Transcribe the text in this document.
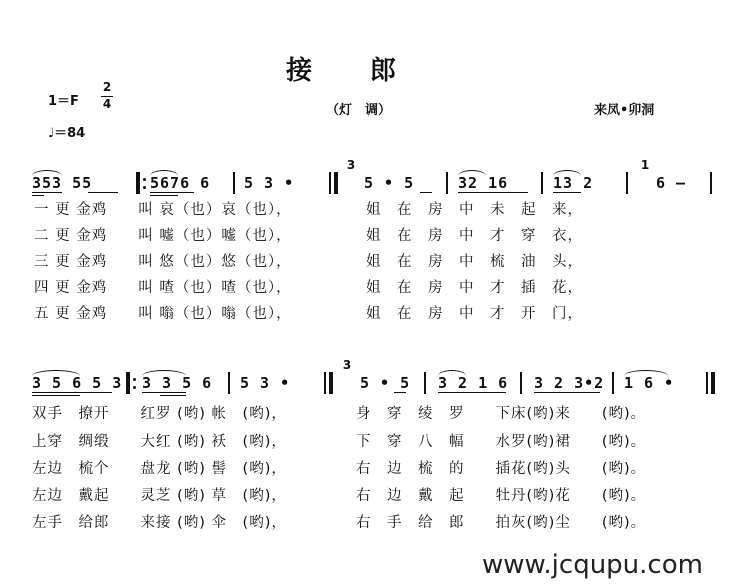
接　　郎
1＝F
2
4	（灯　调）	来凤•卯洞
♩＝84
353 55	5676 6 5 3 •
3
5 • 5	32 16	13 2
1
6 —
一 更 金鸡　　叫 哀（也）哀（也），
二 更 金鸡　　叫 嘘（也）嘘（也），
三 更 金鸡　　叫 悠（也）悠（也），
四 更 金鸡　　叫 喳（也）喳（也），
五 更 金鸡　　叫 嗡（也）嗡（也），
姐　在　房　中　未　起　来，
姐　在　房　中　才　穿　衣，
姐　在　房　中　梳　油　头，
姐　在　房　中　才　插　花，
姐　在　房　中　才　开　门，
3 5 6 5 3 3 3 5 6 5 3 •
3
5 • 5 3 2 1 6 3 2 3•2 1 6 •
双手　撩开　　红罗 (哟) 帐　(哟)，
上穿　绸缎　　大红 (哟) 袄　(哟)，
左边　梳个　　盘龙 (哟) 髻　(哟)，
左边　戴起　　灵芝 (哟) 草　(哟)，
左手　给郎　　来接 (哟) 伞　(哟)，
身　穿　绫　罗　　下床(哟)来　　(哟)。
下　穿　八　幅　　水罗(哟)裙　　(哟)。
右　边　梳　的　　插花(哟)头　　(哟)。
右　边　戴　起　　牡丹(哟)花　　(哟)。
右　手　给　郎　　拍灰(哟)尘　　(哟)。
www.jcqupu.com
